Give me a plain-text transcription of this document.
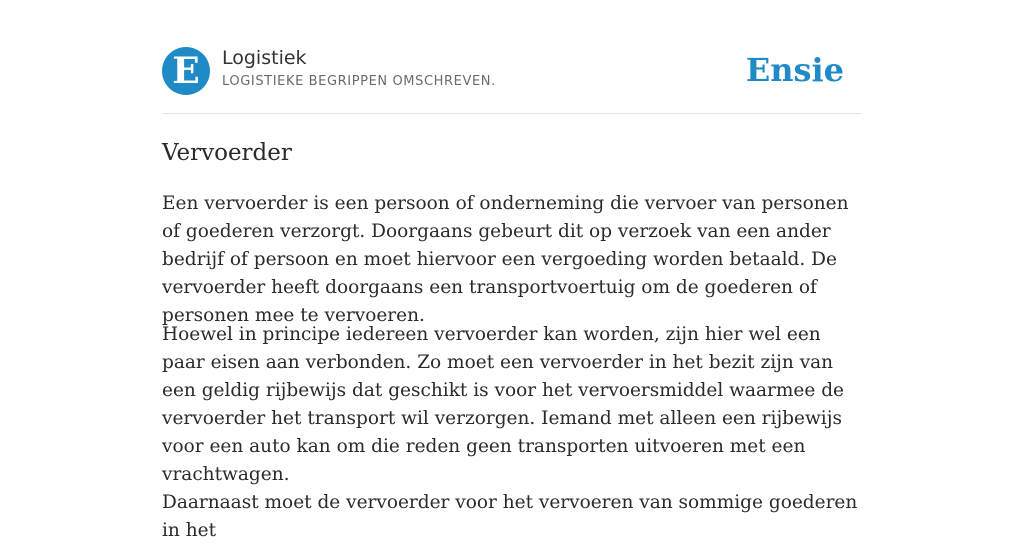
E	Logistiek
LOGISTIEKE BEGRIPPEN OMSCHREVEN.	Ensie
Vervoerder

Een vervoerder is een persoon of onderneming die vervoer van personen of goederen verzorgt. Doorgaans gebeurt dit op verzoek van een ander bedrijf of persoon en moet hiervoor een vergoeding worden betaald. De vervoerder heeft doorgaans een transportvoertuig om de goederen of personen mee te vervoeren.

Hoewel in principe iedereen vervoerder kan worden, zijn hier wel een paar eisen aan verbonden. Zo moet een vervoerder in het bezit zijn van een geldig rijbewijs dat geschikt is voor het vervoersmiddel waarmee de vervoerder het transport wil verzorgen. Iemand met alleen een rijbewijs voor een auto kan om die reden geen transporten uitvoeren met een vrachtwagen.

Daarnaast moet de vervoerder voor het vervoeren van sommige goederen in het
